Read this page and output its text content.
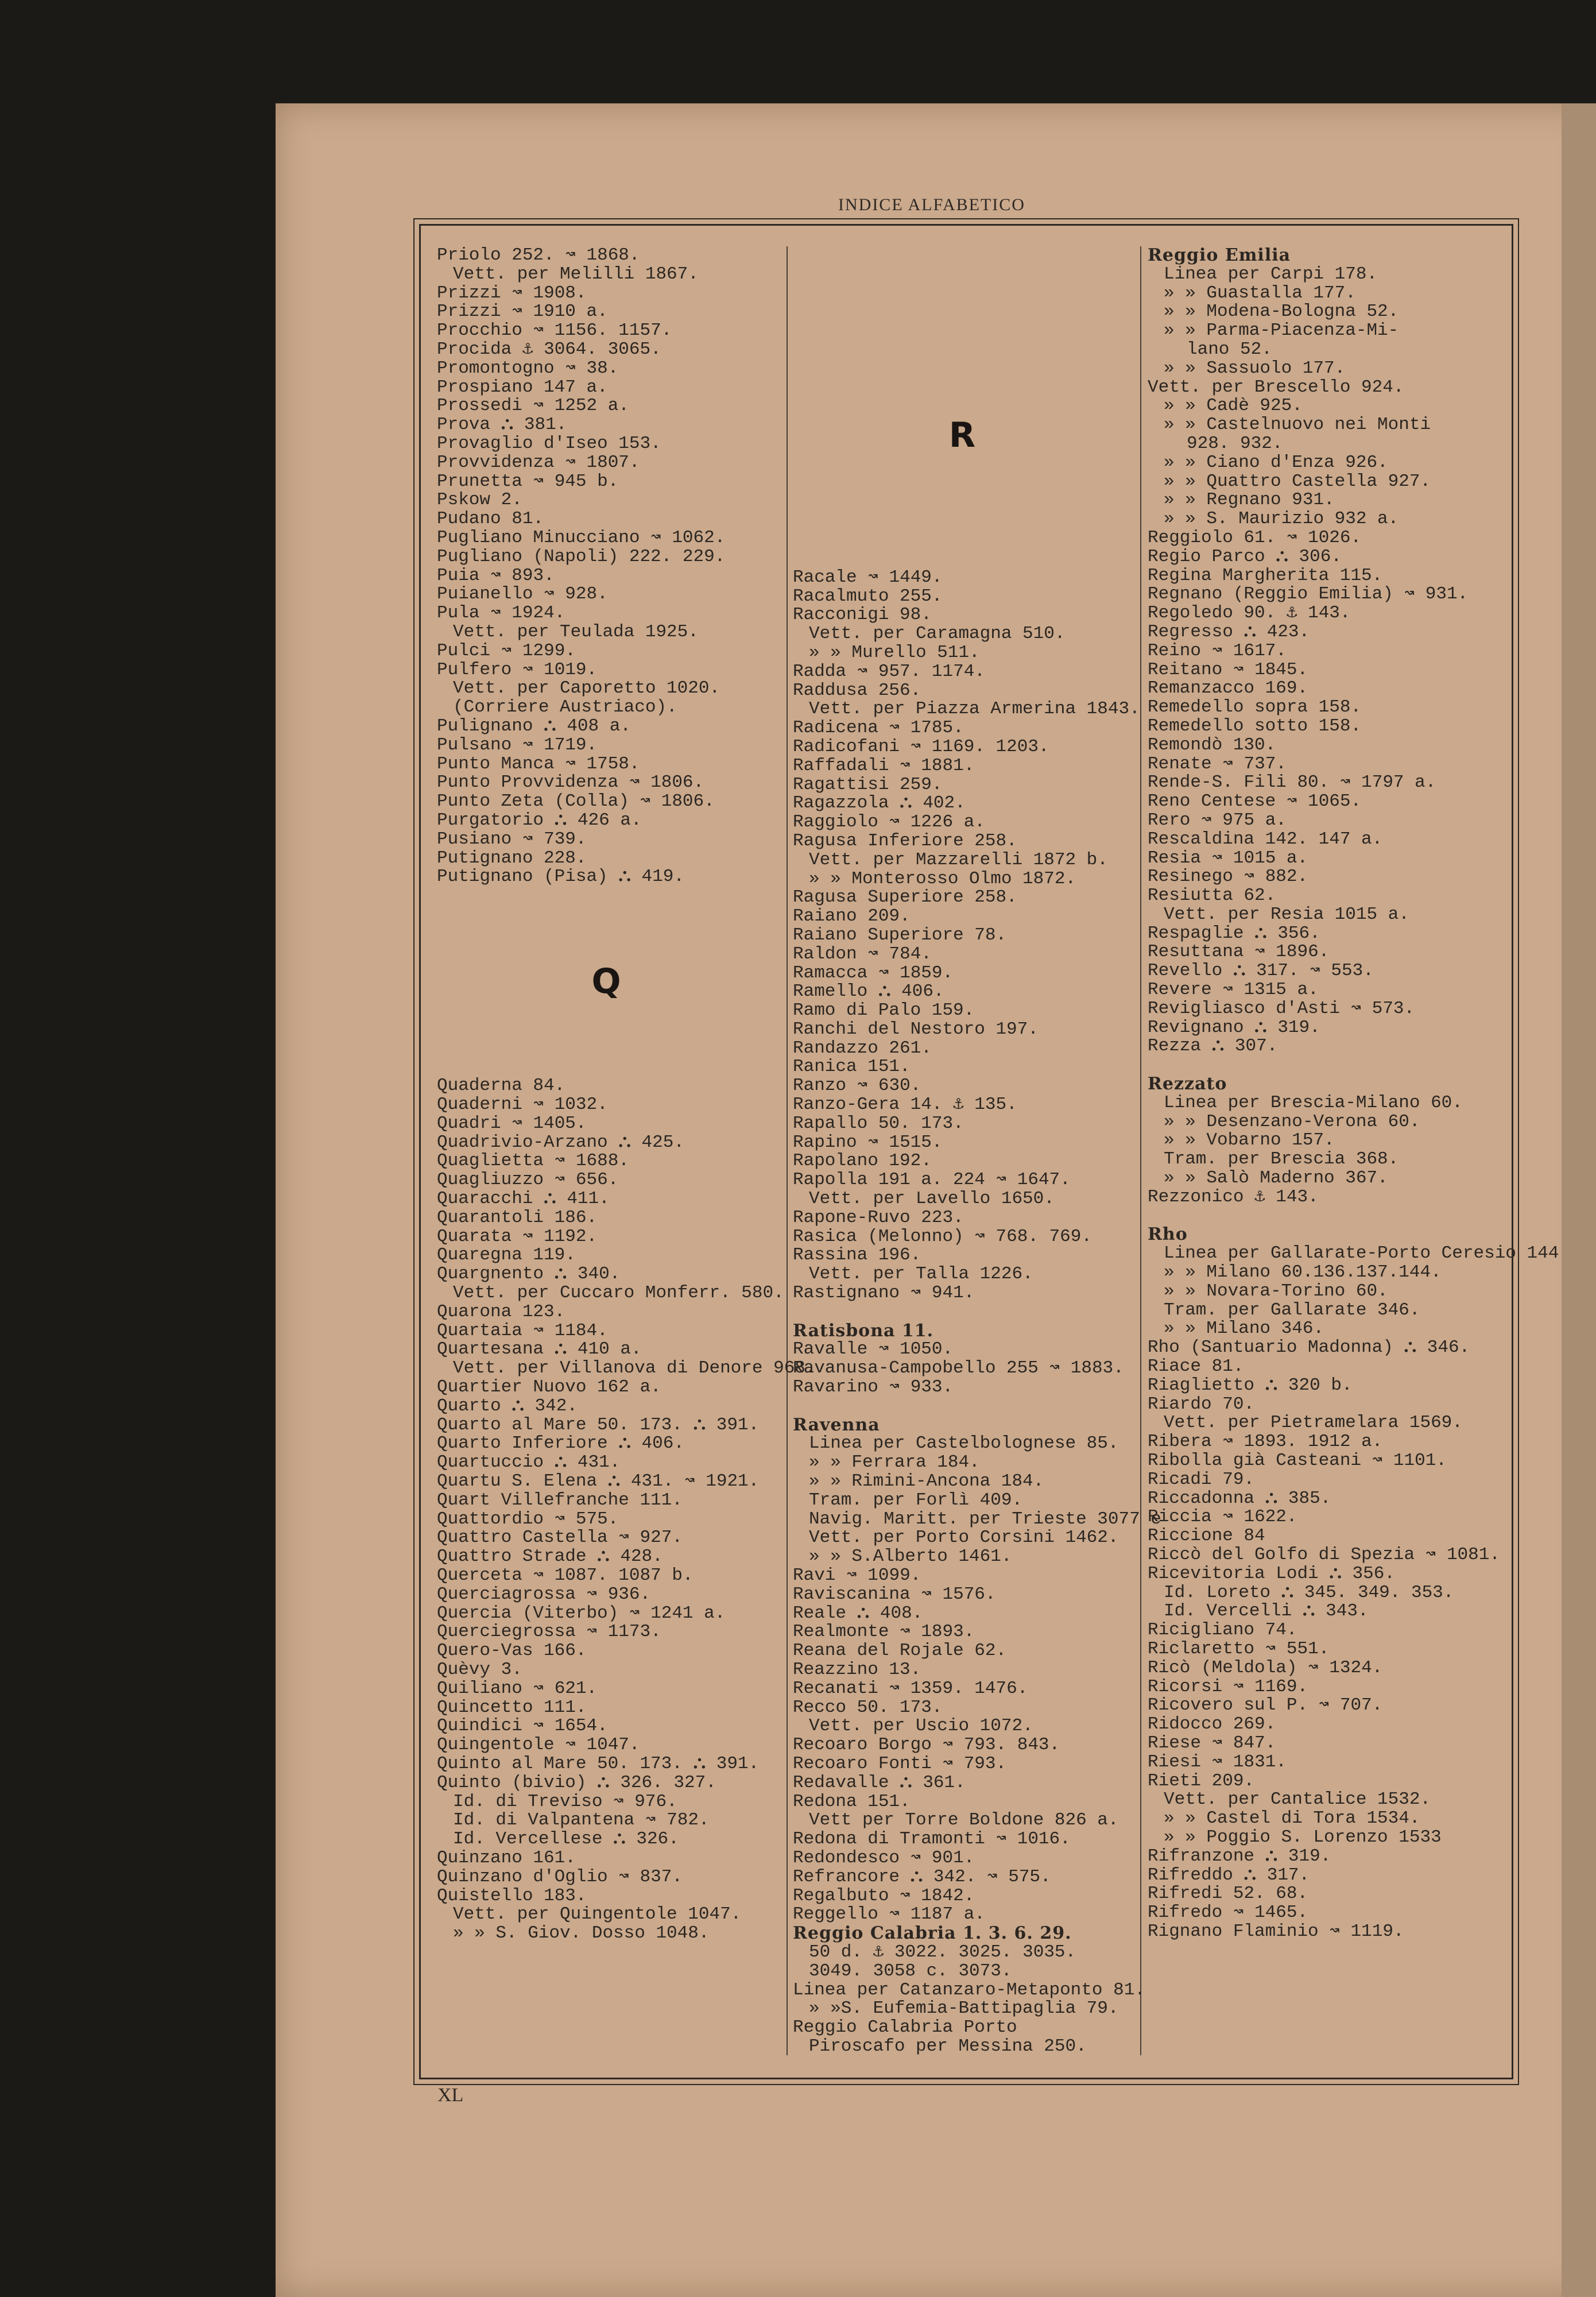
INDICE ALFABETICO
Priolo 252. ↝ 1868.
Vett. per Melilli 1867.
Prizzi ↝ 1908.
Prizzi ↝ 1910 a.
Procchio ↝ 1156. 1157.
Procida ⚓ 3064. 3065.
Promontogno ↝ 38.
Prospiano 147 a.
Prossedi ↝ 1252 a.
Prova ⛬ 381.
Provaglio d'Iseo 153.
Provvidenza ↝ 1807.
Prunetta ↝ 945 b.
Pskow 2.
Pudano 81.
Pugliano Minucciano ↝ 1062.
Pugliano (Napoli) 222. 229.
Puia ↝ 893.
Puianello ↝ 928.
Pula ↝ 1924.
Vett. per Teulada 1925.
Pulci ↝ 1299.
Pulfero ↝ 1019.
Vett. per Caporetto 1020.
(Corriere Austriaco).
Pulignano ⛬ 408 a.
Pulsano ↝ 1719.
Punto Manca ↝ 1758.
Punto Provvidenza ↝ 1806.
Punto Zeta (Colla) ↝ 1806.
Purgatorio ⛬ 426 a.
Pusiano ↝ 739.
Putignano 228.
Putignano (Pisa) ⛬ 419.
Q
Quaderna 84.
Quaderni ↝ 1032.
Quadri ↝ 1405.
Quadrivio-Arzano ⛬ 425.
Quaglietta ↝ 1688.
Quagliuzzo ↝ 656.
Quaracchi ⛬ 411.
Quarantoli 186.
Quarata ↝ 1192.
Quaregna 119.
Quargnento ⛬ 340.
Vett. per Cuccaro Monferr. 580.
Quarona 123.
Quartaia ↝ 1184.
Quartesana ⛬ 410 a.
Vett. per Villanova di Denore 968.
Quartier Nuovo 162 a.
Quarto ⛬ 342.
Quarto al Mare 50. 173. ⛬ 391.
Quarto Inferiore ⛬ 406.
Quartuccio ⛬ 431.
Quartu S. Elena ⛬ 431. ↝ 1921.
Quart Villefranche 111.
Quattordio ↝ 575.
Quattro Castella ↝ 927.
Quattro Strade ⛬ 428.
Querceta ↝ 1087. 1087 b.
Querciagrossa ↝ 936.
Quercia (Viterbo) ↝ 1241 a.
Querciegrossa ↝ 1173.
Quero-Vas 166.
Quèvy 3.
Quiliano ↝ 621.
Quincetto 111.
Quindici ↝ 1654.
Quingentole ↝ 1047.
Quinto al Mare 50. 173. ⛬ 391.
Quinto (bivio) ⛬ 326. 327.
Id. di Treviso ↝ 976.
Id. di Valpantena ↝ 782.
Id. Vercellese ⛬ 326.
Quinzano 161.
Quinzano d'Oglio ↝ 837.
Quistello 183.
Vett. per Quingentole 1047.
» » S. Giov. Dosso 1048.
R
Racale ↝ 1449.
Racalmuto 255.
Racconigi 98.
Vett. per Caramagna 510.
» » Murello 511.
Radda ↝ 957. 1174.
Raddusa 256.
Vett. per Piazza Armerina 1843.
Radicena ↝ 1785.
Radicofani ↝ 1169. 1203.
Raffadali ↝ 1881.
Ragattisi 259.
Ragazzola ⛬ 402.
Raggiolo ↝ 1226 a.
Ragusa Inferiore 258.
Vett. per Mazzarelli 1872 b.
» » Monterosso Olmo 1872.
Ragusa Superiore 258.
Raiano 209.
Raiano Superiore 78.
Raldon ↝ 784.
Ramacca ↝ 1859.
Ramello ⛬ 406.
Ramo di Palo 159.
Ranchi del Nestoro 197.
Randazzo 261.
Ranica 151.
Ranzo ↝ 630.
Ranzo-Gera 14. ⚓ 135.
Rapallo 50. 173.
Rapino ↝ 1515.
Rapolano 192.
Rapolla 191 a. 224 ↝ 1647.
Vett. per Lavello 1650.
Rapone-Ruvo 223.
Rasica (Melonno) ↝ 768. 769.
Rassina 196.
Vett. per Talla 1226.
Rastignano ↝ 941.
Ratisbona 11.
Ravalle ↝ 1050.
Ravanusa-Campobello 255 ↝ 1883.
Ravarino ↝ 933.
Ravenna
Linea per Castelbolognese 85.
» » Ferrara 184.
» » Rimini-Ancona 184.
Tram. per Forlì 409.
Navig. Maritt. per Trieste 3077 e
Vett. per Porto Corsini 1462.
» » S.Alberto 1461.
Ravi ↝ 1099.
Raviscanina ↝ 1576.
Reale ⛬ 408.
Realmonte ↝ 1893.
Reana del Rojale 62.
Reazzino 13.
Recanati ↝ 1359. 1476.
Recco 50. 173.
Vett. per Uscio 1072.
Recoaro Borgo ↝ 793. 843.
Recoaro Fonti ↝ 793.
Redavalle ⛬ 361.
Redona 151.
Vett per Torre Boldone 826 a.
Redona di Tramonti ↝ 1016.
Redondesco ↝ 901.
Refrancore ⛬ 342. ↝ 575.
Regalbuto ↝ 1842.
Reggello ↝ 1187 a.
Reggio Calabria 1. 3. 6. 29.
50 d. ⚓ 3022. 3025. 3035.
3049. 3058 c. 3073.
Linea per Catanzaro-Metaponto 81.
» »S. Eufemia-Battipaglia 79.
Reggio Calabria Porto
Piroscafo per Messina 250.
Reggio Emilia
Linea per Carpi 178.
» » Guastalla 177.
» » Modena-Bologna 52.
» » Parma-Piacenza-Mi-
lano 52.
» » Sassuolo 177.
Vett. per Brescello 924.
» » Cadè 925.
» » Castelnuovo nei Monti
928. 932.
» » Ciano d'Enza 926.
» » Quattro Castella 927.
» » Regnano 931.
» » S. Maurizio 932 a.
Reggiolo 61. ↝ 1026.
Regio Parco ⛬ 306.
Regina Margherita 115.
Regnano (Reggio Emilia) ↝ 931.
Regoledo 90. ⚓ 143.
Regresso ⛬ 423.
Reino ↝ 1617.
Reitano ↝ 1845.
Remanzacco 169.
Remedello sopra 158.
Remedello sotto 158.
Remondò 130.
Renate ↝ 737.
Rende-S. Fili 80. ↝ 1797 a.
Reno Centese ↝ 1065.
Rero ↝ 975 a.
Rescaldina 142. 147 a.
Resia ↝ 1015 a.
Resinego ↝ 882.
Resiutta 62.
Vett. per Resia 1015 a.
Respaglie ⛬ 356.
Resuttana ↝ 1896.
Revello ⛬ 317. ↝ 553.
Revere ↝ 1315 a.
Revigliasco d'Asti ↝ 573.
Revignano ⛬ 319.
Rezza ⛬ 307.
Rezzato
Linea per Brescia-Milano 60.
» » Desenzano-Verona 60.
» » Vobarno 157.
Tram. per Brescia 368.
» » Salò Maderno 367.
Rezzonico ⚓ 143.
Rho
Linea per Gallarate-Porto Ceresio 144
» » Milano 60.136.137.144.
» » Novara-Torino 60.
Tram. per Gallarate 346.
» » Milano 346.
Rho (Santuario Madonna) ⛬ 346.
Riace 81.
Riaglietto ⛬ 320 b.
Riardo 70.
Vett. per Pietramelara 1569.
Ribera ↝ 1893. 1912 a.
Ribolla già Casteani ↝ 1101.
Ricadi 79.
Riccadonna ⛬ 385.
Riccia ↝ 1622.
Riccione 84
Riccò del Golfo di Spezia ↝ 1081.
Ricevitoria Lodi ⛬ 356.
Id. Loreto ⛬ 345. 349. 353.
Id. Vercelli ⛬ 343.
Ricigliano 74.
Riclaretto ↝ 551.
Ricò (Meldola) ↝ 1324.
Ricorsi ↝ 1169.
Ricovero sul P. ↝ 707.
Ridocco 269.
Riese ↝ 847.
Riesi ↝ 1831.
Rieti 209.
Vett. per Cantalice 1532.
» » Castel di Tora 1534.
» » Poggio S. Lorenzo 1533
Rifranzone ⛬ 319.
Rifreddo ⛬ 317.
Rifredi 52. 68.
Rifredo ↝ 1465.
Rignano Flaminio ↝ 1119.
XL
